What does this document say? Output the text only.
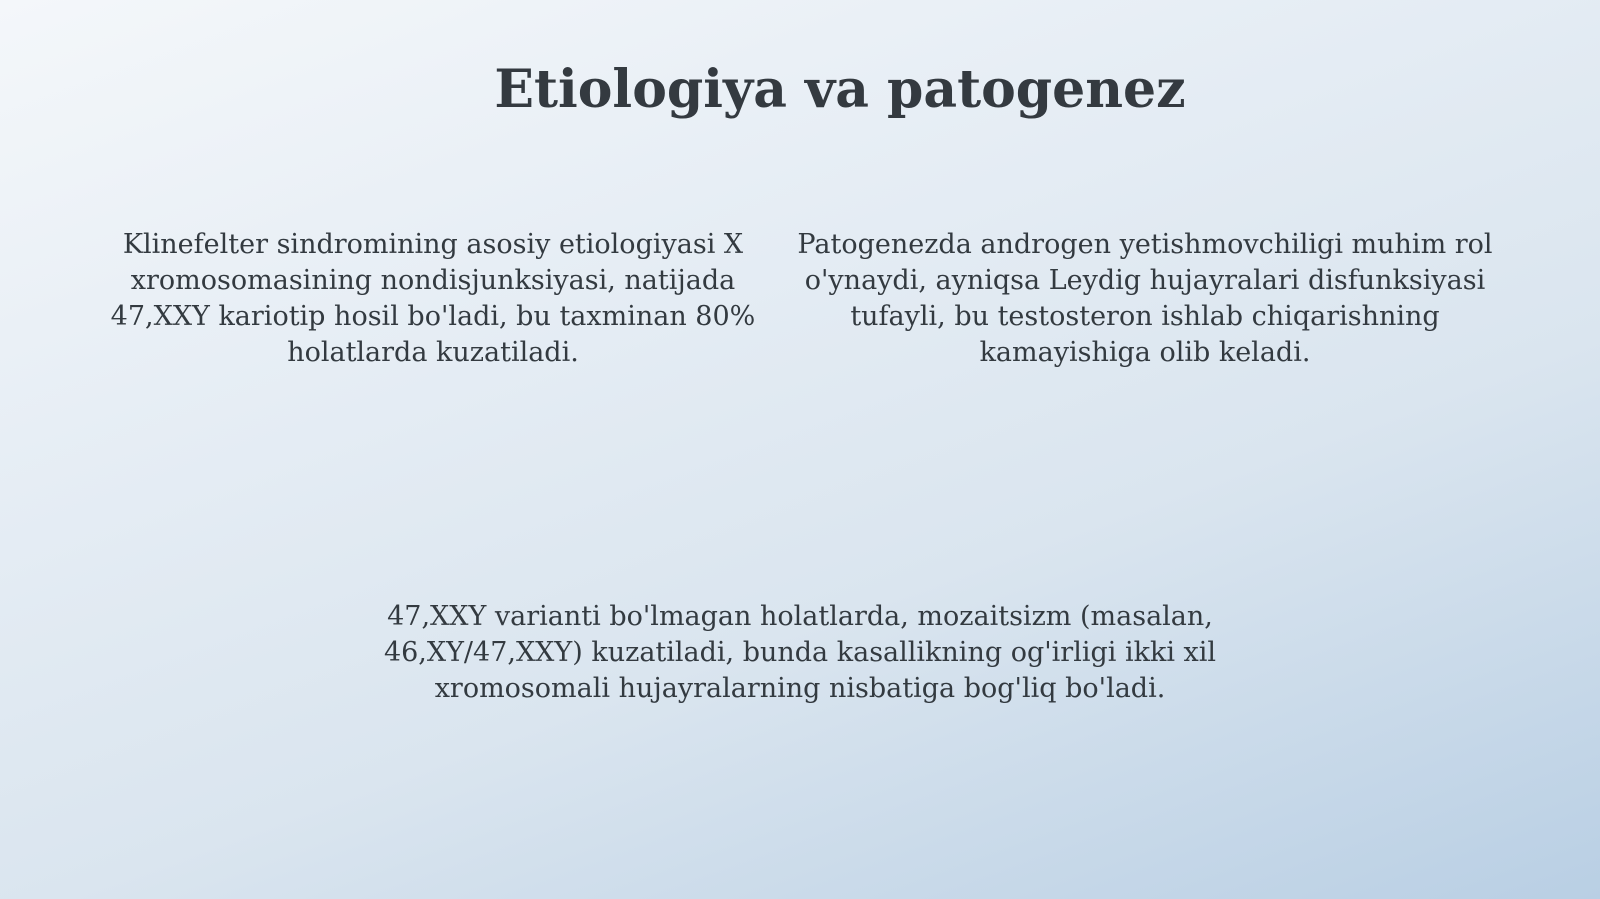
Etiologiya va patogenez

Klinefelter sindromining asosiy etiologiyasi X xromosomasining nondisjunksiyasi, natijada 47,XXY kariotip hosil bo'ladi, bu taxminan 80% holatlarda kuzatiladi.

Patogenezda androgen yetishmovchiligi muhim rol o'ynaydi, ayniqsa Leydig hujayralari disfunksiyasi tufayli, bu testosteron ishlab chiqarishning kamayishiga olib keladi.

47,XXY varianti bo'lmagan holatlarda, mozaitsizm (masalan, 46,XY/47,XXY) kuzatiladi, bunda kasallikning og'irligi ikki xil xromosomali hujayralarning nisbatiga bog'liq bo'ladi.
